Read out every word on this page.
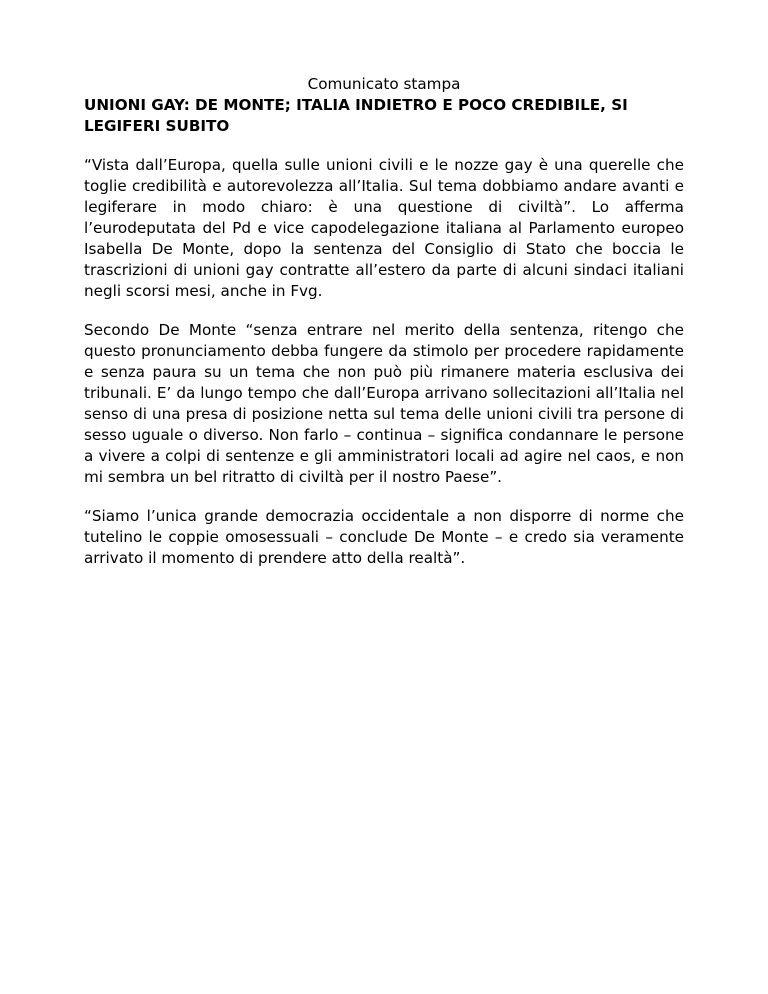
Comunicato stampa

UNIONI GAY: DE MONTE; ITALIA INDIETRO E POCO CREDIBILE, SI LEGIFERI SUBITO

“Vista dall’Europa, quella sulle unioni civili e le nozze gay è una querelle che toglie credibilità e autorevolezza all’Italia. Sul tema dobbiamo andare avanti e legiferare in modo chiaro: è una questione di civiltà”. Lo afferma l’eurodeputata del Pd e vice capodelegazione italiana al Parlamento europeo Isabella De Monte, dopo la sentenza del Consiglio di Stato che boccia le trascrizioni di unioni gay contratte all’estero da parte di alcuni sindaci italiani negli scorsi mesi, anche in Fvg.

Secondo De Monte “senza entrare nel merito della sentenza, ritengo che questo pronunciamento debba fungere da stimolo per procedere rapidamente e senza paura su un tema che non può più rimanere materia esclusiva dei tribunali. E’ da lungo tempo che dall’Europa arrivano sollecitazioni all’Italia nel senso di una presa di posizione netta sul tema delle unioni civili tra persone di sesso uguale o diverso. Non farlo – continua – significa condannare le persone a vivere a colpi di sentenze e gli amministratori locali ad agire nel caos, e non mi sembra un bel ritratto di civiltà per il nostro Paese”.

“Siamo l’unica grande democrazia occidentale a non disporre di norme che tutelino le coppie omosessuali – conclude De Monte – e credo sia veramente arrivato il momento di prendere atto della realtà”.
